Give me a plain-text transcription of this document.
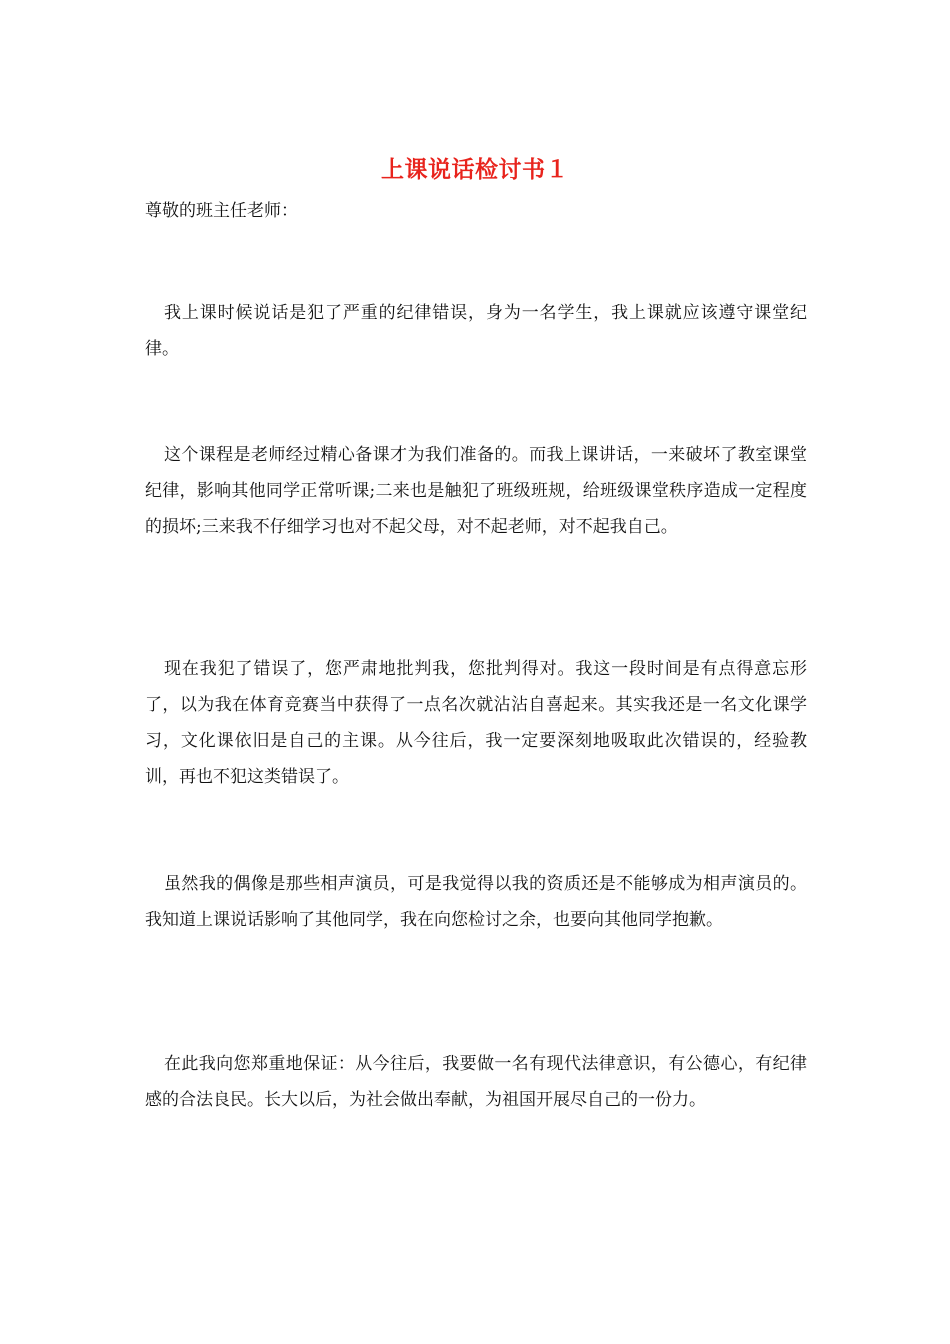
上课说话检讨书１
尊敬的班主任老师：

我上课时候说话是犯了严重的纪律错误，身为一名学生，我上课就应该遵守课堂纪律。

这个课程是老师经过精心备课才为我们准备的。而我上课讲话，一来破坏了教室课堂纪律，影响其他同学正常听课;二来也是触犯了班级班规，给班级课堂秩序造成一定程度的损坏;三来我不仔细学习也对不起父母，对不起老师，对不起我自己。

现在我犯了错误了，您严肃地批判我，您批判得对。我这一段时间是有点得意忘形了，以为我在体育竞赛当中获得了一点名次就沾沾自喜起来。其实我还是一名文化课学习，文化课依旧是自己的主课。从今往后，我一定要深刻地吸取此次错误的，经验教训，再也不犯这类错误了。

虽然我的偶像是那些相声演员，可是我觉得以我的资质还是不能够成为相声演员的。我知道上课说话影响了其他同学，我在向您检讨之余，也要向其他同学抱歉。

在此我向您郑重地保证：从今往后，我要做一名有现代法律意识，有公德心，有纪律感的合法良民。长大以后，为社会做出奉献，为祖国开展尽自己的一份力。
